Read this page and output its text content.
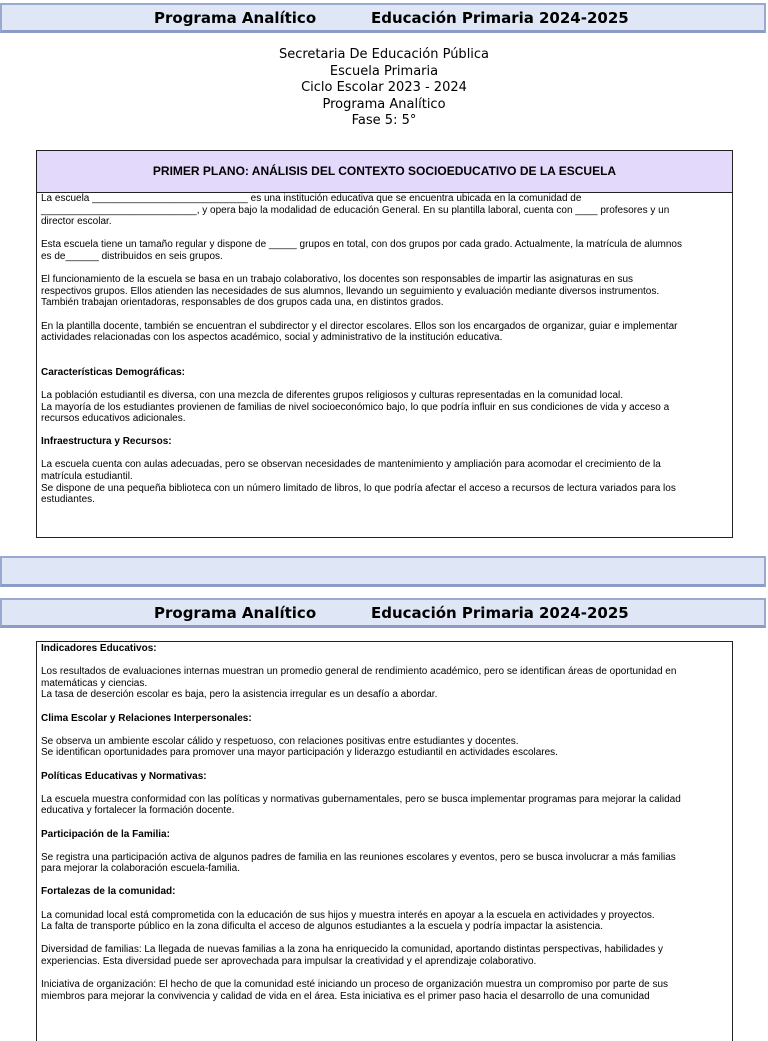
Programa Analítico	Educación Primaria 2024-2025
Secretaria De Educación Pública
Escuela Primaria
Ciclo Escolar 2023 - 2024
Programa Analítico
Fase 5: 5°
PRIMER PLANO: ANÁLISIS DEL CONTEXTO SOCIOEDUCATIVO DE LA ESCUELA

La escuela ____________________________ es una institución educativa que se encuentra ubicada en la comunidad de

____________________________, y opera bajo la modalidad de educación General. En su plantilla laboral, cuenta con ____ profesores y un

director escolar.

Esta escuela tiene un tamaño regular y dispone de _____ grupos en total, con dos grupos por cada grado. Actualmente, la matrícula de alumnos

es de______ distribuidos en seis grupos.

El funcionamiento de la escuela se basa en un trabajo colaborativo, los docentes son responsables de impartir las asignaturas en sus

respectivos grupos. Ellos atienden las necesidades de sus alumnos, llevando un seguimiento y evaluación mediante diversos instrumentos.

También trabajan orientadoras, responsables de dos grupos cada una, en distintos grados.

En la plantilla docente, también se encuentran el subdirector y el director escolares. Ellos son los encargados de organizar, guiar e implementar

actividades relacionadas con los aspectos académico, social y administrativo de la institución educativa.

Características Demográficas:

La población estudiantil es diversa, con una mezcla de diferentes grupos religiosos y culturas representadas en la comunidad local.

La mayoría de los estudiantes provienen de familias de nivel socioeconómico bajo, lo que podría influir en sus condiciones de vida y acceso a

recursos educativos adicionales.

Infraestructura y Recursos:

La escuela cuenta con aulas adecuadas, pero se observan necesidades de mantenimiento y ampliación para acomodar el crecimiento de la

matrícula estudiantil.

Se dispone de una pequeña biblioteca con un número limitado de libros, lo que podría afectar el acceso a recursos de lectura variados para los

estudiantes.

Programa Analítico	Educación Primaria 2024-2025

Indicadores Educativos:

Los resultados de evaluaciones internas muestran un promedio general de rendimiento académico, pero se identifican áreas de oportunidad en

matemáticas y ciencias.

La tasa de deserción escolar es baja, pero la asistencia irregular es un desafío a abordar.

Clima Escolar y Relaciones Interpersonales:

Se observa un ambiente escolar cálido y respetuoso, con relaciones positivas entre estudiantes y docentes.

Se identifican oportunidades para promover una mayor participación y liderazgo estudiantil en actividades escolares.

Políticas Educativas y Normativas:

La escuela muestra conformidad con las políticas y normativas gubernamentales, pero se busca implementar programas para mejorar la calidad

educativa y fortalecer la formación docente.

Participación de la Familia:

Se registra una participación activa de algunos padres de familia en las reuniones escolares y eventos, pero se busca involucrar a más familias

para mejorar la colaboración escuela-familia.

Fortalezas de la comunidad:

La comunidad local está comprometida con la educación de sus hijos y muestra interés en apoyar a la escuela en actividades y proyectos.

La falta de transporte público en la zona dificulta el acceso de algunos estudiantes a la escuela y podría impactar la asistencia.

Diversidad de familias: La llegada de nuevas familias a la zona ha enriquecido la comunidad, aportando distintas perspectivas, habilidades y

experiencias. Esta diversidad puede ser aprovechada para impulsar la creatividad y el aprendizaje colaborativo.

Iniciativa de organización: El hecho de que la comunidad esté iniciando un proceso de organización muestra un compromiso por parte de sus

miembros para mejorar la convivencia y calidad de vida en el área. Esta iniciativa es el primer paso hacia el desarrollo de una comunidad
